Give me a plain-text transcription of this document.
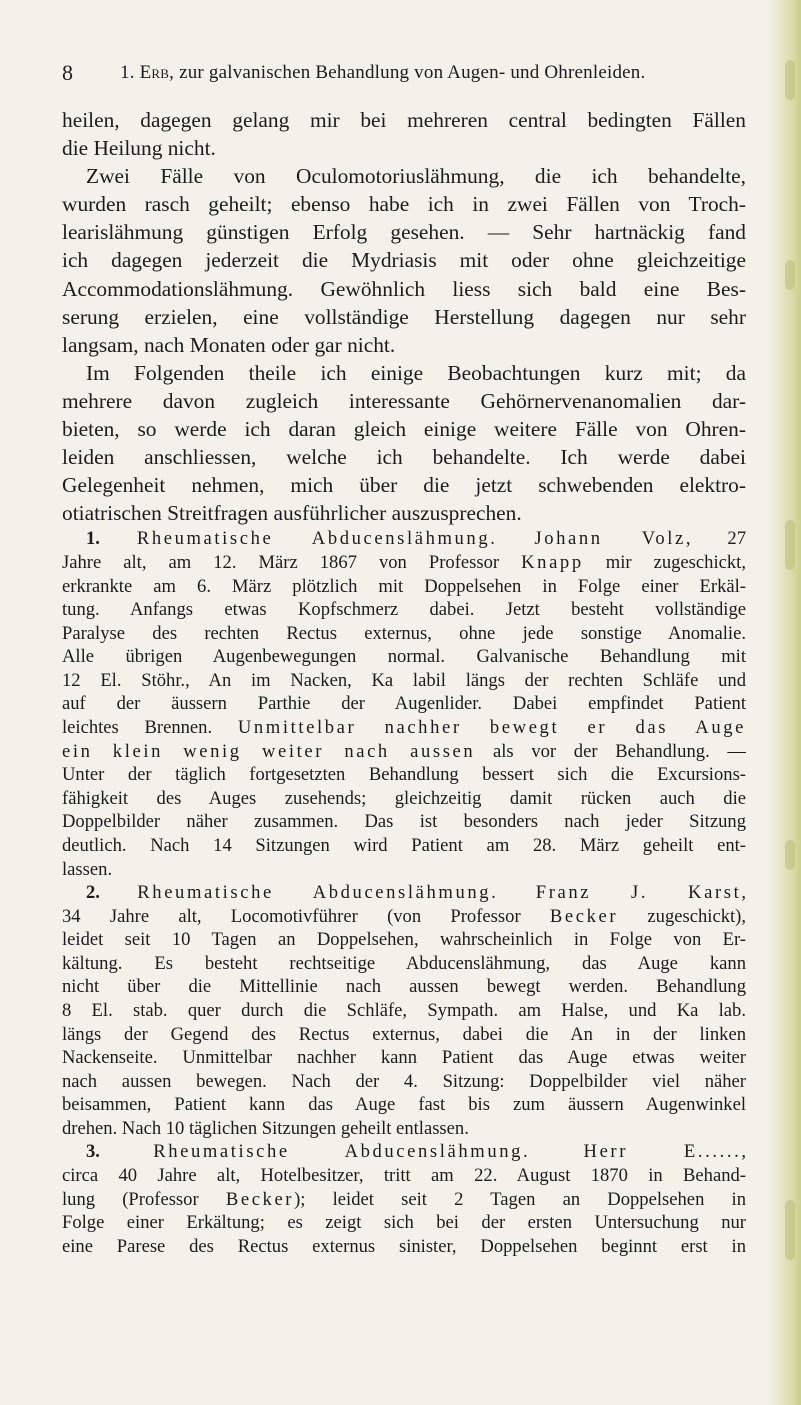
8 1. Erb, zur galvanischen Behandlung von Augen- und Ohrenleiden.
heilen, dagegen gelang mir bei mehreren central bedingten Fällen
die Heilung nicht.
Zwei Fälle von Oculomotoriuslähmung, die ich behandelte,
wurden rasch geheilt; ebenso habe ich in zwei Fällen von Troch-
learislähmung günstigen Erfolg gesehen. — Sehr hartnäckig fand
ich dagegen jederzeit die Mydriasis mit oder ohne gleichzeitige
Accommodationslähmung. Gewöhnlich liess sich bald eine Bes-
serung erzielen, eine vollständige Herstellung dagegen nur sehr
langsam, nach Monaten oder gar nicht.
Im Folgenden theile ich einige Beobachtungen kurz mit; da
mehrere davon zugleich interessante Gehörnervenanomalien dar-
bieten, so werde ich daran gleich einige weitere Fälle von Ohren-
leiden anschliessen, welche ich behandelte. Ich werde dabei
Gelegenheit nehmen, mich über die jetzt schwebenden elektro-
otiatrischen Streitfragen ausführlicher auszusprechen.
1. Rheumatische Abducenslähmung. Johann Volz, 27
Jahre alt, am 12. März 1867 von Professor Knapp mir zugeschickt,
erkrankte am 6. März plötzlich mit Doppelsehen in Folge einer Erkäl-
tung. Anfangs etwas Kopfschmerz dabei. Jetzt besteht vollständige
Paralyse des rechten Rectus externus, ohne jede sonstige Anomalie.
Alle übrigen Augenbewegungen normal. Galvanische Behandlung mit
12 El. Stöhr., An im Nacken, Ka labil längs der rechten Schläfe und
auf der äussern Parthie der Augenlider. Dabei empfindet Patient
leichtes Brennen. Unmittelbar nachher bewegt er das Auge
ein klein wenig weiter nach aussen als vor der Behandlung. —
Unter der täglich fortgesetzten Behandlung bessert sich die Excursions-
fähigkeit des Auges zusehends; gleichzeitig damit rücken auch die
Doppelbilder näher zusammen. Das ist besonders nach jeder Sitzung
deutlich. Nach 14 Sitzungen wird Patient am 28. März geheilt ent-
lassen.
2. Rheumatische Abducenslähmung. Franz J. Karst,
34 Jahre alt, Locomotivführer (von Professor Becker zugeschickt),
leidet seit 10 Tagen an Doppelsehen, wahrscheinlich in Folge von Er-
kältung. Es besteht rechtseitige Abducenslähmung, das Auge kann
nicht über die Mittellinie nach aussen bewegt werden. Behandlung
8 El. stab. quer durch die Schläfe, Sympath. am Halse, und Ka lab.
längs der Gegend des Rectus externus, dabei die An in der linken
Nackenseite. Unmittelbar nachher kann Patient das Auge etwas weiter
nach aussen bewegen. Nach der 4. Sitzung: Doppelbilder viel näher
beisammen, Patient kann das Auge fast bis zum äussern Augenwinkel
drehen. Nach 10 täglichen Sitzungen geheilt entlassen.
3.	Rheumatische Abducenslähmung.	Herr E......,
circa 40 Jahre alt, Hotelbesitzer, tritt am 22. August 1870 in Behand-
lung (Professor Becker); leidet seit 2 Tagen an Doppelsehen in
Folge einer Erkältung; es zeigt sich bei der ersten Untersuchung nur
eine Parese des Rectus externus sinister, Doppelsehen beginnt erst in
